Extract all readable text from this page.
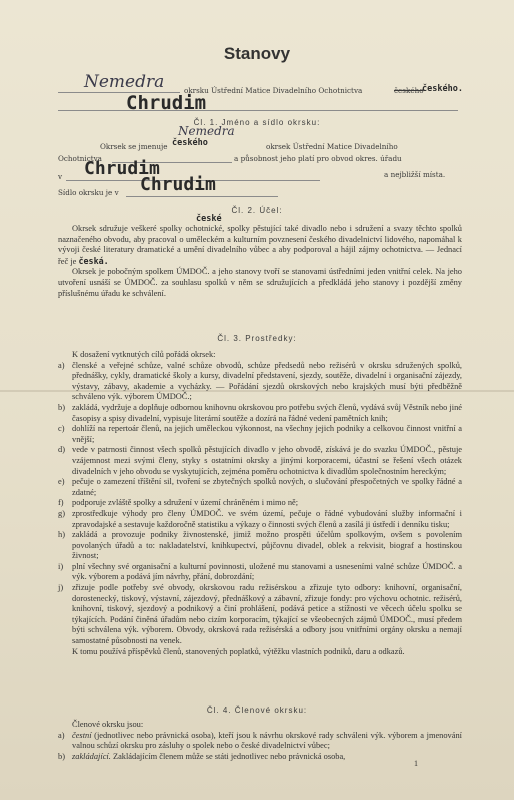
Stanovy
Nemedra	okrsku Ústřední Matice Divadelního Ochotnictva	českého
českého.
Chrudim
Čl. 1. Jméno a sídlo okrsku:
Okrsek se jmenuje
Nemedra
českého	okrsek Ústřední Matice Divadelního
Ochotnictva	a působnost jeho platí pro obvod okres. úřadu
v Chrudim	a nejbližší místa.
Sídlo okrsku je v Chrudim
Čl. 2. Účel:
české

Okrsek sdružuje veškeré spolky ochotnické, spolky pěstující také divadlo nebo i sdružení a svazy těchto spolků naznačeného obvodu, aby pracoval o uměleckém a kulturním povznesení českého divadelnictví lidového, napomáhal k vývoji české literatury dramatické a umění divadelního vůbec a aby podporoval a hájil zájmy ochotnictva. — Jednací řeč je česká.

Okrsek je pobočným spolkem ÚMDOČ. a jeho stanovy tvoří se stanovami ústředními jeden vnitřní celek. Na jeho utvoření usnáší se ÚMDOČ. za souhlasu spolků v něm se sdružujících a předkládá jeho stanovy i pozdější změny příslušnému úřadu ke schválení.

Čl. 3. Prostředky:

K dosažení vytknutých cílů pořádá okrsek:

a) členské a veřejné schůze, valné schůze obvodů, schůze předsedů nebo režisérů v okrsku sdružených spolků, přednášky, cykly, dramatické školy a kursy, divadelní představení, sjezdy, soutěže, divadelní i organisační zájezdy, výstavy, zábavy, akademie a vycházky. — Pořádání sjezdů okrskových nebo krajských musí býti předběžně schváleno výk. výborem ÚMDOČ.;
b) zakládá, vydržuje a doplňuje odbornou knihovnu okrskovou pro potřebu svých členů, vydává svůj Věstník nebo jiné časopisy a spisy divadelní, vypisuje literární soutěže a dozírá na řádné vedení pamětních knih;
c) dohlíží na repertoár členů, na jejich uměleckou výkonnost, na všechny jejich podniky a celkovou činnost vnitřní a vnější;
d) vede v patrnosti činnost všech spolků pěstujících divadlo v jeho obvodě, získává je do svazku ÚMDOČ., pěstuje vzájemnost mezi svými členy, styky s ostatními okrsky a jinými korporacemi, účastní se řešení všech otázek divadelních v jeho obvodu se vyskytujících, zejména poměru ochotnictva k divadlům společnostním hereckým;
e) pečuje o zamezení tříštění sil, tvoření se zbytečných spolků nových, o slučování přespočetných ve spolky řádné a zdatné;
f)	podporuje zvláště spolky a sdružení v území chráněném i mimo ně;
g) zprostředkuje výhody pro členy ÚMDOČ. ve svém území, pečuje o řádné vybudování služby informační i zpravodajské a sestavuje každoročně statistiku a výkazy o činnosti svých členů a zasílá ji ústředí i denníku tisku;
h) zakládá a provozuje podniky živnostenské, jimiž možno prospěti účelům spolkovým, ovšem s povolením povolaných úřadů a to: nakladatelství, knihkupectví, půjčovnu divadel, oblek a rekvisit, biograf a hostinskou živnost;
i)	plní všechny své organisační a kulturní povinnosti, uložené mu stanovami a usneseními valné schůze ÚMDOČ. a výk. výborem a podává jím návrhy, přání, dobrozdání;
j)	zřizuje podle potřeby své obvody, okrskovou radu režisérskou a zřizuje tyto odbory: knihovní, organisační, dorostenecký, tiskový, výstavní, zájezdový, přednáškový a zábavní, zřizuje fondy: pro výchovu ochotnic. režisérů, knihovní, tiskový, sjezdový a podnikový a činí prohlášení, podává petice a stížnosti ve věcech účelu spolku se týkajících. Podání činěná úřadům nebo cizím korporacím, týkající se všeobecných zájmů ÚMDOČ., musí předem býti schválena výk. výborem. Obvody, okrsková rada režisérská a odbory jsou vnitřními orgány okrsku a nemají samostatné působnosti na venek.

K tomu používá příspěvků členů, stanovených poplatků, výtěžku vlastních podniků, daru a odkazů.

Čl. 4. Členové okrsku:

Členové okrsku jsou:

a) čestní (jednotlivec nebo právnická osoba), kteří jsou k návrhu okrskové rady schváleni výk. výborem a jmenování valnou schůzí okrsku pro zásluhy o spolek nebo o české divadelnictví vůbec;
b) zakládající. Zakládajícím členem může se státi jednotlivec nebo právnická osoba,
1
